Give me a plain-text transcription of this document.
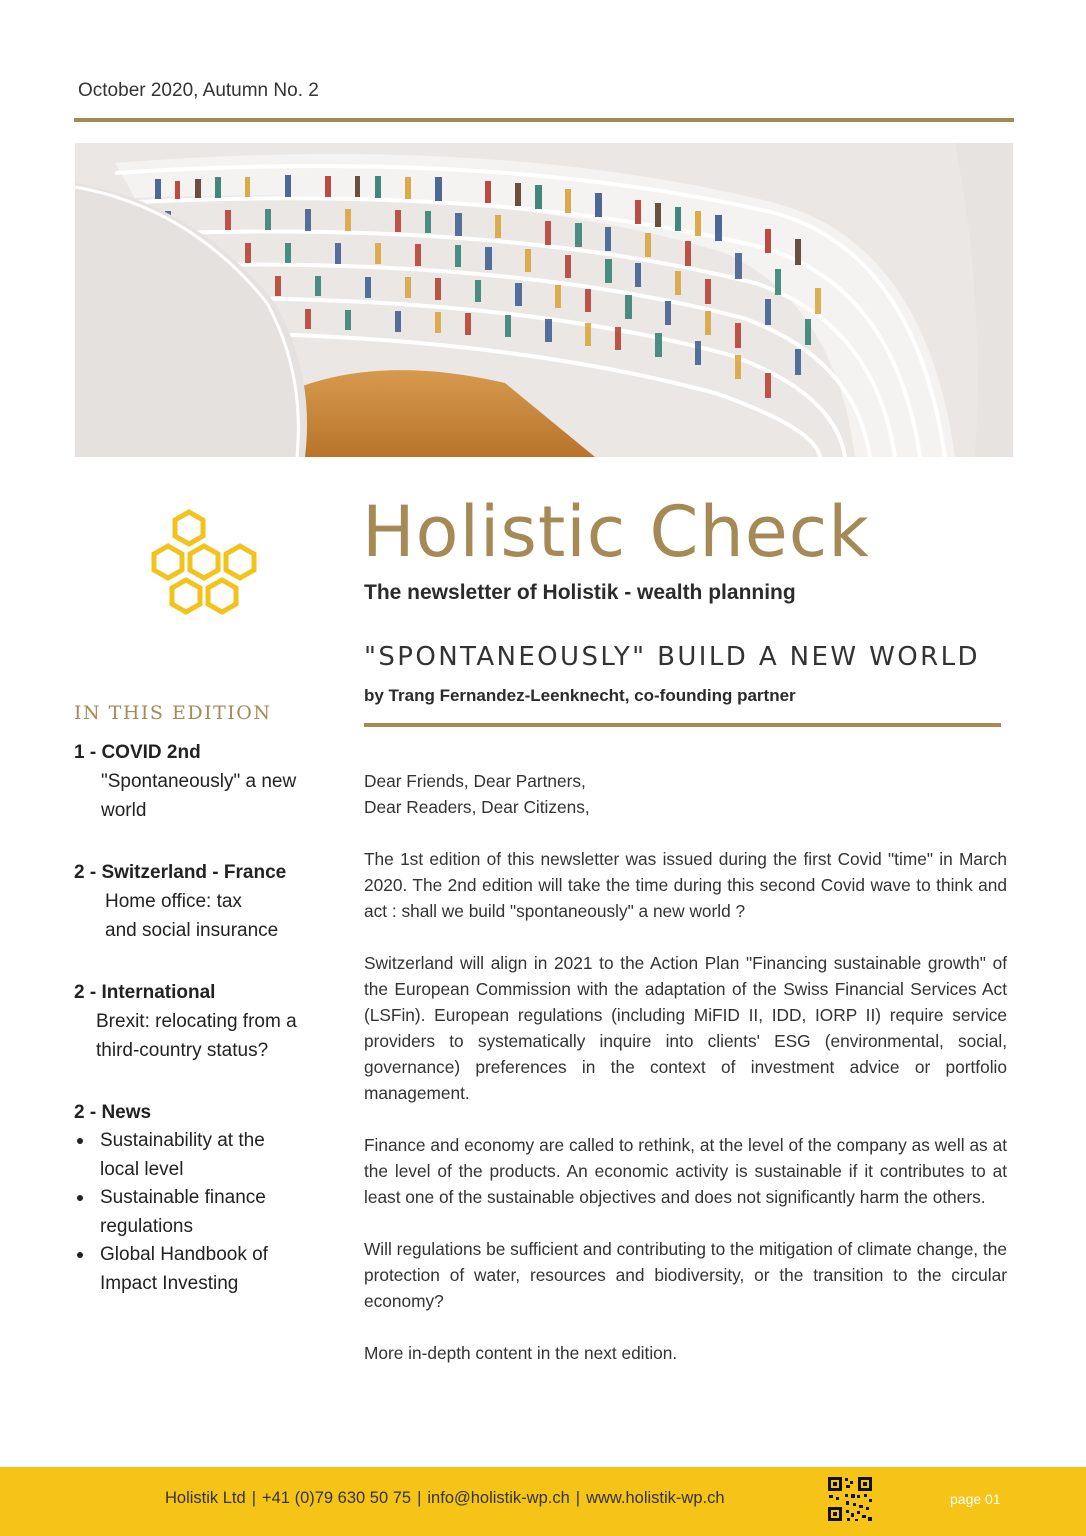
October 2020, Autumn No. 2
Holistic Check
The newsletter of Holistik - wealth planning
"SPONTANEOUSLY" BUILD A NEW WORLD
by Trang Fernandez-Leenknecht, co-founding partner
IN THIS EDITION
1 - COVID 2nd
"Spontaneously" a new
world
2 - Switzerland - France
Home office: tax
and social insurance
2 - International
Brexit: relocating from a
third-country status?
2 - News
Sustainability at the
local level
Sustainable finance
regulations
Global Handbook of
Impact Investing

Dear Friends, Dear Partners,
Dear Readers, Dear Citizens,

The 1st edition of this newsletter was issued during the first Covid "time" in March 2020. The 2nd edition will take the time during this second Covid wave to think and act : shall we build "spontaneously" a new world ?

Switzerland will align in 2021 to the Action Plan "Financing sustainable growth" of the European Commission with the adaptation of the Swiss Financial Services Act (LSFin). European regulations (including MiFID II, IDD, IORP II) require service providers to systematically inquire into clients' ESG (environmental, social, governance) preferences in the context of investment advice or portfolio management.

Finance and economy are called to rethink, at the level of the company as well as at the level of the products. An economic activity is sustainable if it contributes to at least one of the sustainable objectives and does not significantly harm the others.

Will regulations be sufficient and contributing to the mitigation of climate change, the protection of water, resources and biodiversity, or the transition to the circular economy?

More in-depth content in the next edition.

Holistik Ltd | +41 (0)79 630 50 75 | info@holistik-wp.ch | www.holistik-wp.ch	page 01
